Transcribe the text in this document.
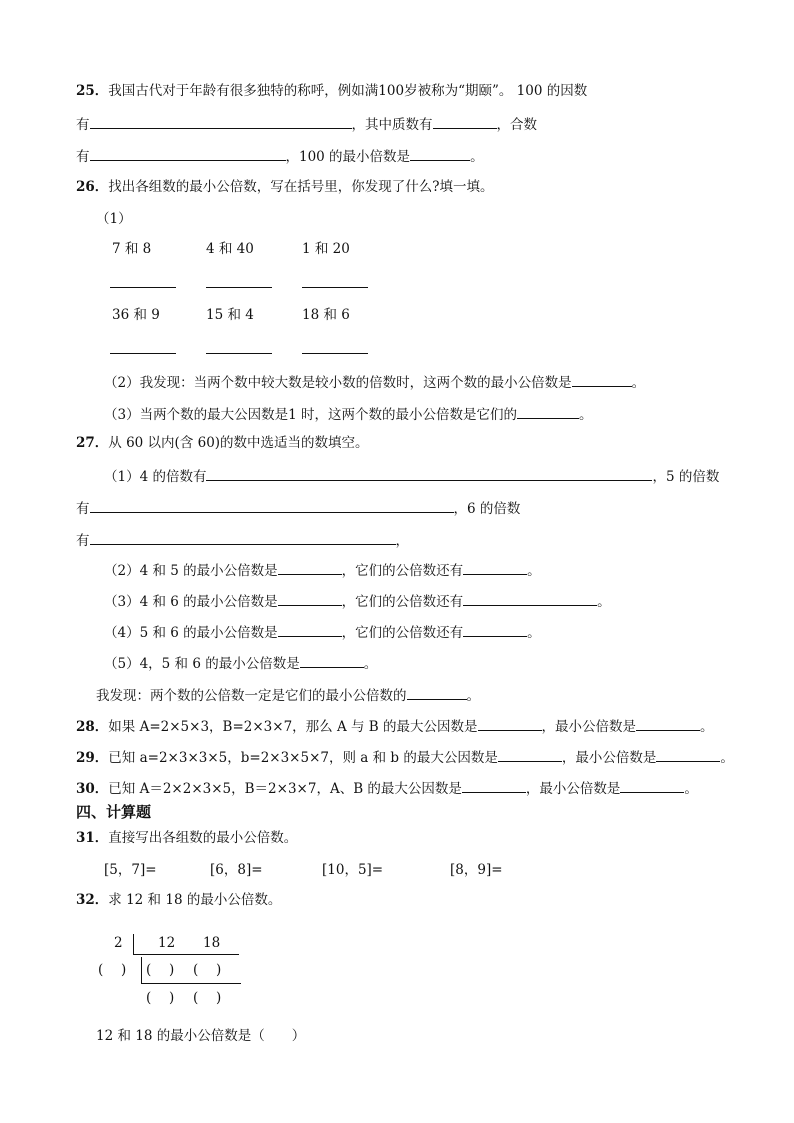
25．我国古代对于年龄有很多独特的称呼，例如满100岁被称为“期颐”。 100 的因数
有	，其中质数有	，合数
有	，100 的最小倍数是	。
26．找出各组数的最小公倍数，写在括号里，你发现了什么?填一填。
（1）
7 和 8	4 和 40	1 和 20
36 和 9	15 和 4	18 和 6
（2）我发现：当两个数中较大数是较小数的倍数时，这两个数的最小公倍数是	。
（3）当两个数的最大公因数是1 时，这两个数的最小公倍数是它们的	。
27．从 60 以内(含 60)的数中选适当的数填空。
（1）4 的倍数有	，5 的倍数
有	，6 的倍数
有	，
（2）4 和 5 的最小公倍数是	，它们的公倍数还有	。
（3）4 和 6 的最小公倍数是	，它们的公倍数还有	。
（4）5 和 6 的最小公倍数是	，它们的公倍数还有	。
（5）4，5 和 6 的最小公倍数是	。
我发现：两个数的公倍数一定是它们的最小公倍数的	。
28．如果 A=2×5×3，B=2×3×7，那么 A 与 B 的最大公因数是	，最小公倍数是	。
29．已知 a=2×3×3×5，b=2×3×5×7，则 a 和 b 的最大公因数是	，最小公倍数是	。
30．已知 A＝2×2×3×5，B＝2×3×7，A、B 的最大公因数是	，最小公倍数是	。
四、计算题
31．直接写出各组数的最小公倍数。
[5，7]=	[6，8]=	[10，5]=	[8，9]=
32．求 12 和 18 的最小公倍数。
2	12 18
(　 ) (　 ) (　 )
(　 ) (　 )
12 和 18 的最小公倍数是（　　）
